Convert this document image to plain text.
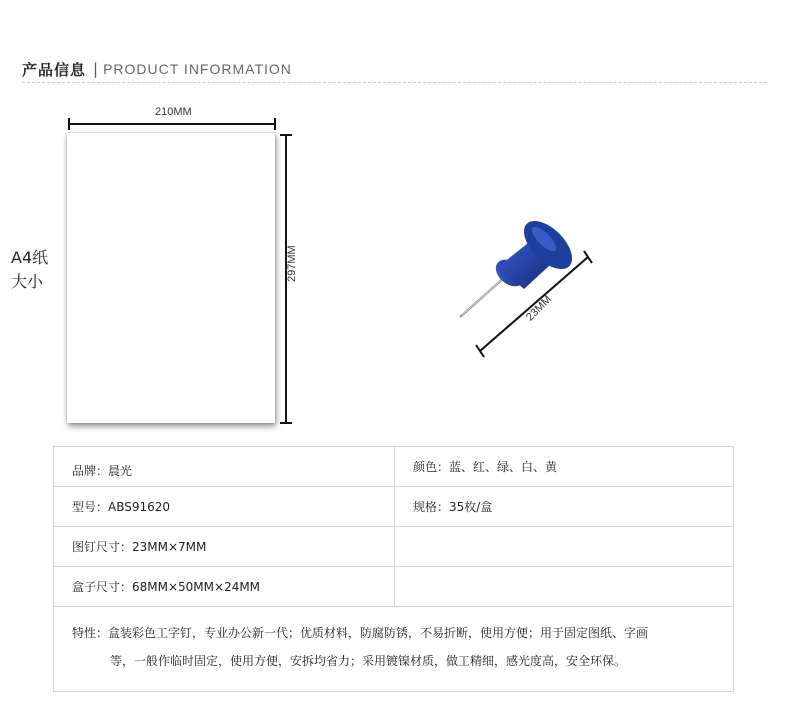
产品信息 | PRODUCT INFORMATION
A4纸
大小
210MM
297MM
23MM
品牌：晨光	颜色：蓝、红、绿、白、黄
型号：ABS91620	规格：35枚/盒
图钉尺寸：23MM×7MM	
盒子尺寸：68MM×50MM×24MM	

特性：盒装彩色工字钉，专业办公新一代；优质材料，防腐防锈，不易折断，使用方便；用于固定图纸、字画
等，一般作临时固定，使用方便，安拆均省力；采用镀镍材质，做工精细，感光度高，安全环保。	
